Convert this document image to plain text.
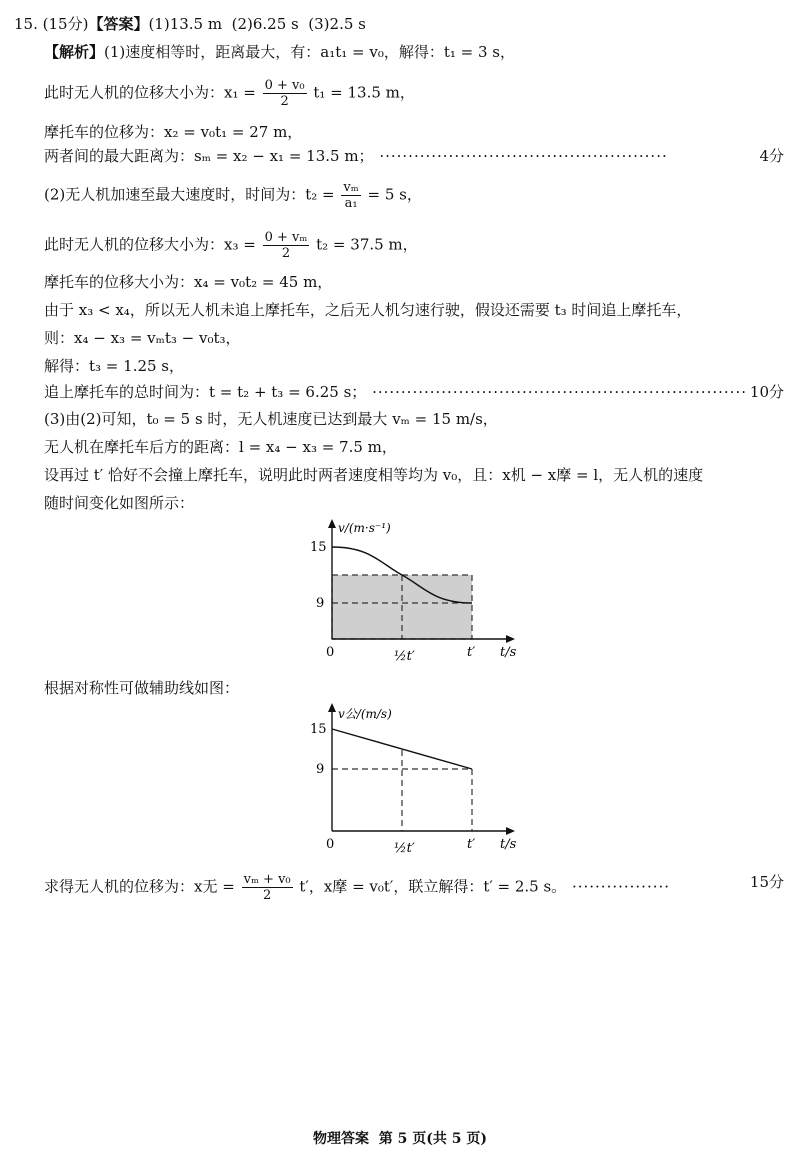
15. (15分)【答案】(1)13.5 m  (2)6.25 s  (3)2.5 s
【解析】(1)速度相等时，距离最大，有：a₁t₁ = v₀，解得：t₁ = 3 s，
此时无人机的位移大小为：$x_1 = \frac{\text{0 + v₀}}{2} t_1 = 13.5$ m，
摩托车的位移为：x₂ = v₀t₁ = 27 m，
两者间的最大距离为：sₘ = x₂ − x₁ = 13.5 m； ··················································	4分
(2)无人机加速至最大速度时，时间为：$t_2 = \frac{\text{vₘ}}{\text{a₁}} = 5$ s，
此时无人机的位移大小为：$x_3 = \frac{\text{0 + vₘ}}{2} t_2 = 37.5$ m，
摩托车的位移大小为：x₄ = v₀t₂ = 45 m，
由于 x₃ < x₄，所以无人机未追上摩托车，之后无人机匀速行驶，假设还需要 t₃ 时间追上摩托车，
则：x₄ − x₃ = vₘt₃ − v₀t₃，
解得：t₃ = 1.25 s，
追上摩托车的总时间为：t = t₂ + t₃ = 6.25 s； ································································· 10分
(3)由(2)可知，t₀ = 5 s 时，无人机速度已达到最大 vₘ = 15 m/s，
无人机在摩托车后方的距离：l = x₄ − x₃ = 7.5 m，
设再过 t′ 恰好不会撞上摩托车，说明此时两者速度相等均为 v₀，且：x机 − x摩 = l，无人机的速度
随时间变化如图所示：
v/(m·s⁻¹)
15
9
0	½t′	t′ t/s
根据对称性可做辅助线如图：
v公/(m/s)
15
9
0	½t′	t′ t/s
求得无人机的位移为：x无 = $\frac{\text{vₘ + v₀}}{2} t'$，x摩 = v₀t′，联立解得：t′ = 2.5 s。 ·················	15分
物理答案  第 5 页(共 5 页)
